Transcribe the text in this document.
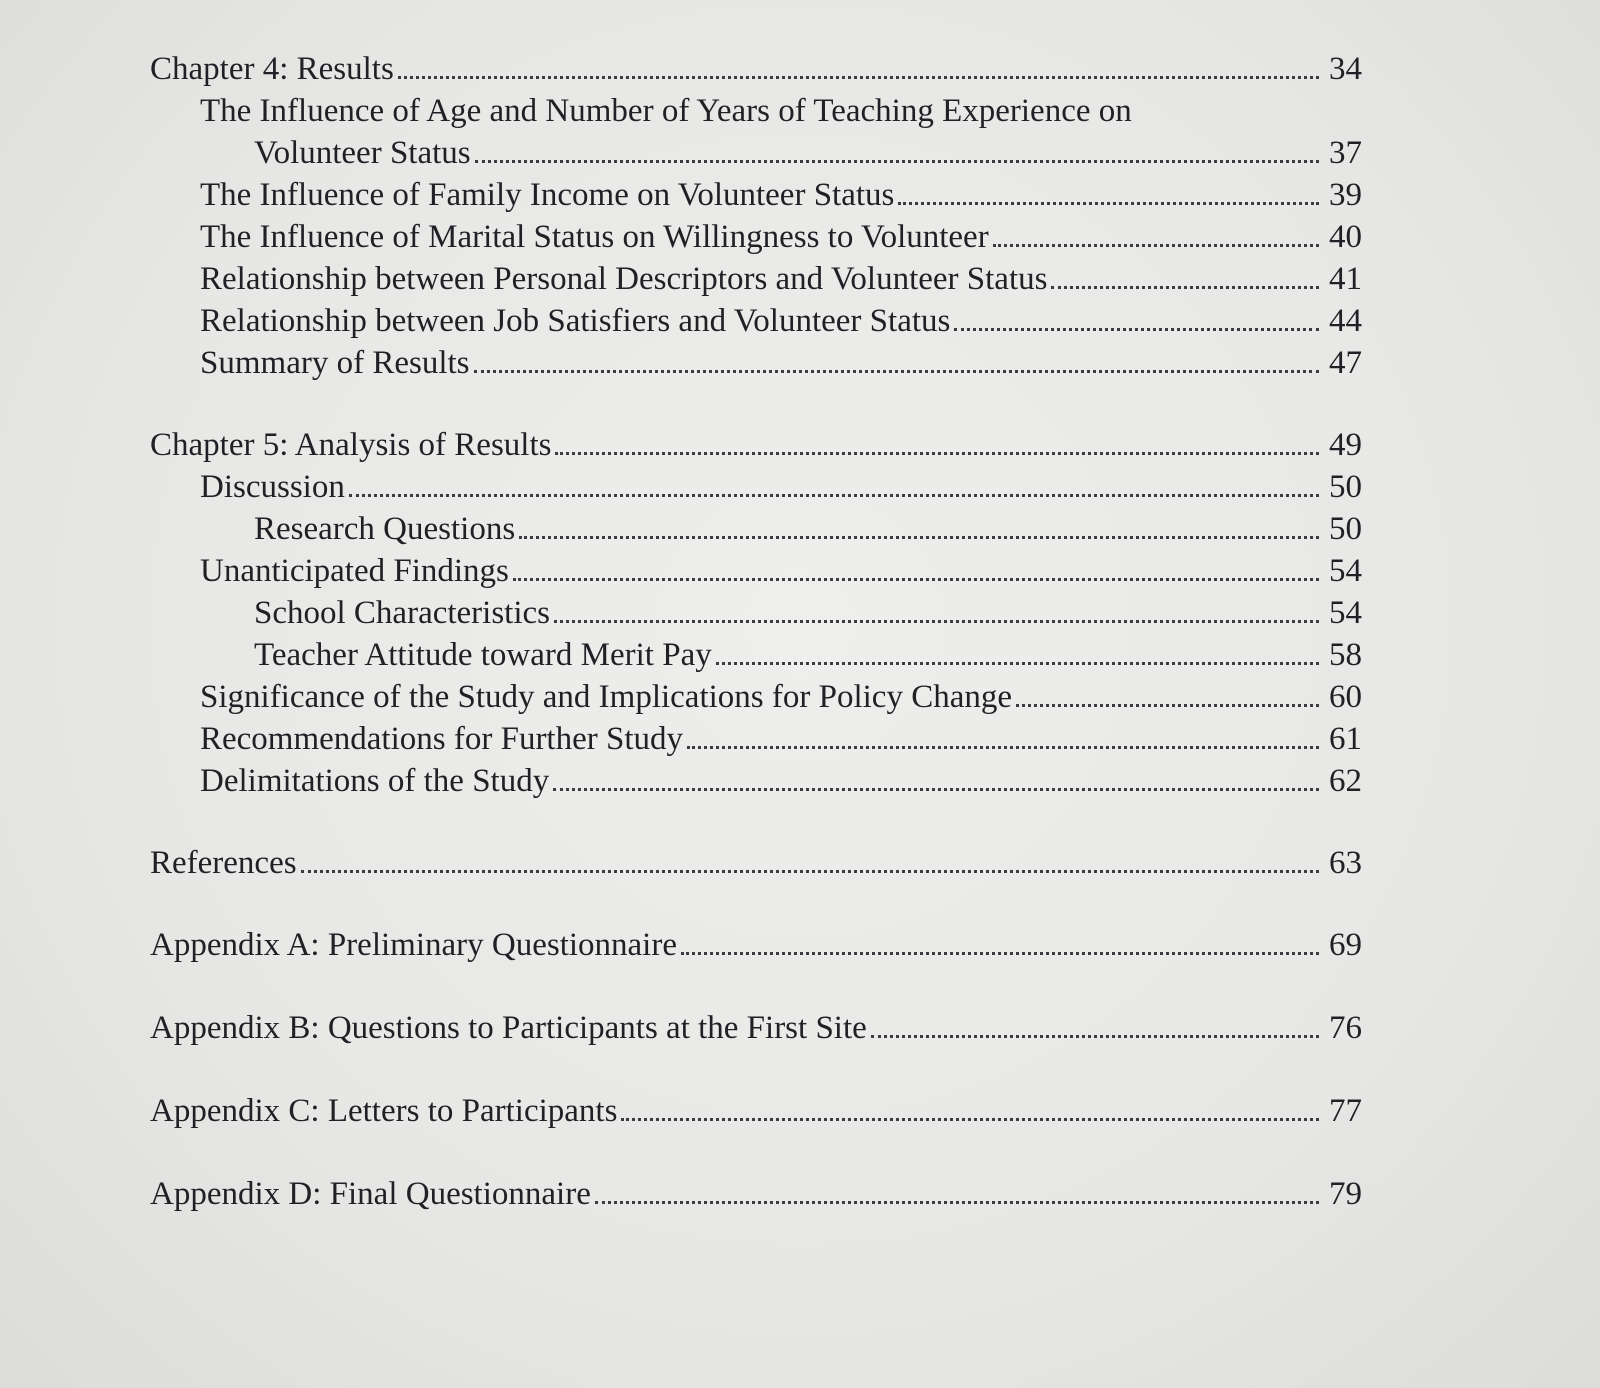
Chapter 4: Results	34
The Influence of Age and Number of Years of Teaching Experience on
Volunteer Status	37
The Influence of Family Income on Volunteer Status	39
The Influence of Marital Status on Willingness to Volunteer	40
Relationship between Personal Descriptors and Volunteer Status	41
Relationship between Job Satisfiers and Volunteer Status	44
Summary of Results	47
Chapter 5: Analysis of Results	49
Discussion	50
Research Questions	50
Unanticipated Findings	54
School Characteristics	54
Teacher Attitude toward Merit Pay	58
Significance of the Study and Implications for Policy Change	60
Recommendations for Further Study	61
Delimitations of the Study	62
References	63
Appendix A: Preliminary Questionnaire	69
Appendix B: Questions to Participants at the First Site	76
Appendix C: Letters to Participants	77
Appendix D: Final Questionnaire	79
